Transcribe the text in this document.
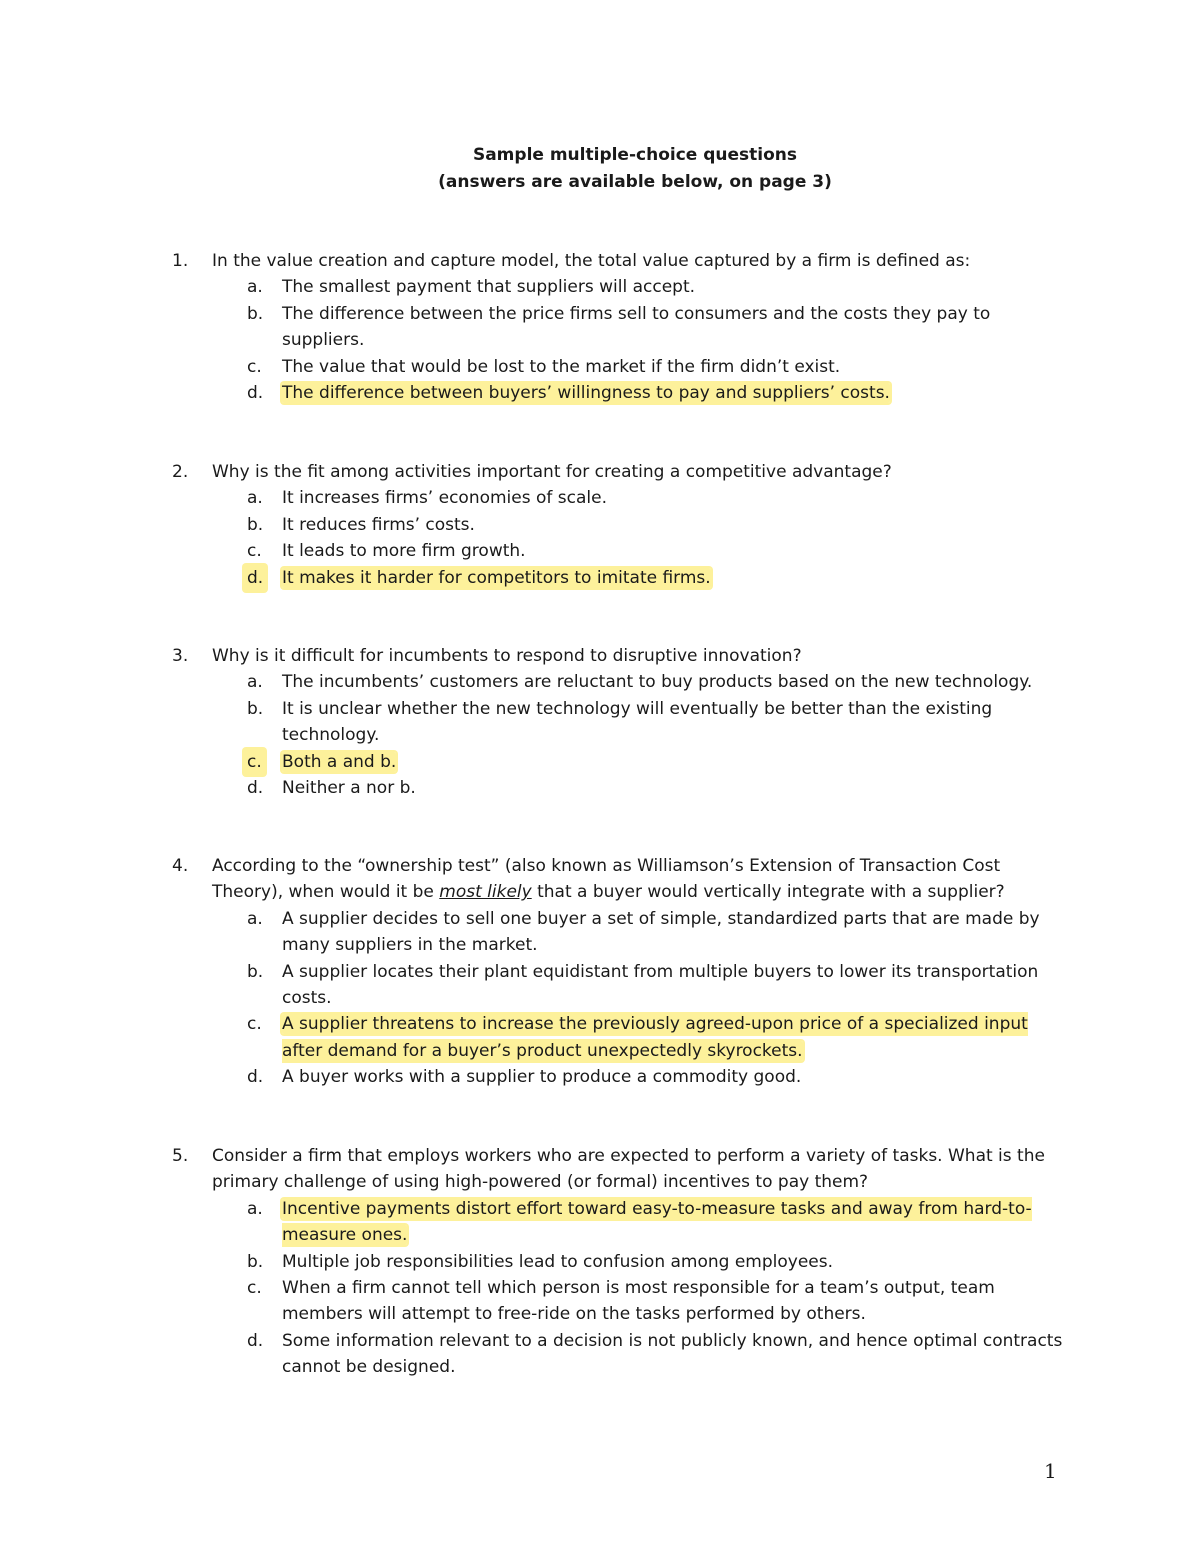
Sample multiple-choice questions
(answers are available below, on page 3)
1. In the value creation and capture model, the total value captured by a firm is defined as:
a. The smallest payment that suppliers will accept.
b. The difference between the price firms sell to consumers and the costs they pay to suppliers.
c. The value that would be lost to the market if the firm didn’t exist.
d. The difference between buyers’ willingness to pay and suppliers’ costs.
2. Why is the fit among activities important for creating a competitive advantage?
a. It increases firms’ economies of scale.
b. It reduces firms’ costs.
c. It leads to more firm growth.
d. It makes it harder for competitors to imitate firms.
3. Why is it difficult for incumbents to respond to disruptive innovation?
a. The incumbents’ customers are reluctant to buy products based on the new technology.
b. It is unclear whether the new technology will eventually be better than the existing technology.
c. Both a and b.
d. Neither a nor b.
4. According to the “ownership test” (also known as Williamson’s Extension of Transaction Cost Theory), when would it be most likely that a buyer would vertically integrate with a supplier?
a. A supplier decides to sell one buyer a set of simple, standardized parts that are made by many suppliers in the market.
b. A supplier locates their plant equidistant from multiple buyers to lower its transportation costs.
c. A supplier threatens to increase the previously agreed-upon price of a specialized input after demand for a buyer’s product unexpectedly skyrockets.
d. A buyer works with a supplier to produce a commodity good.
5. Consider a firm that employs workers who are expected to perform a variety of tasks. What is the primary challenge of using high-powered (or formal) incentives to pay them?
a. Incentive payments distort effort toward easy-to-measure tasks and away from hard-to-measure ones.
b. Multiple job responsibilities lead to confusion among employees.
c. When a firm cannot tell which person is most responsible for a team’s output, team members will attempt to free-ride on the tasks performed by others.
d. Some information relevant to a decision is not publicly known, and hence optimal contracts cannot be designed.
1
